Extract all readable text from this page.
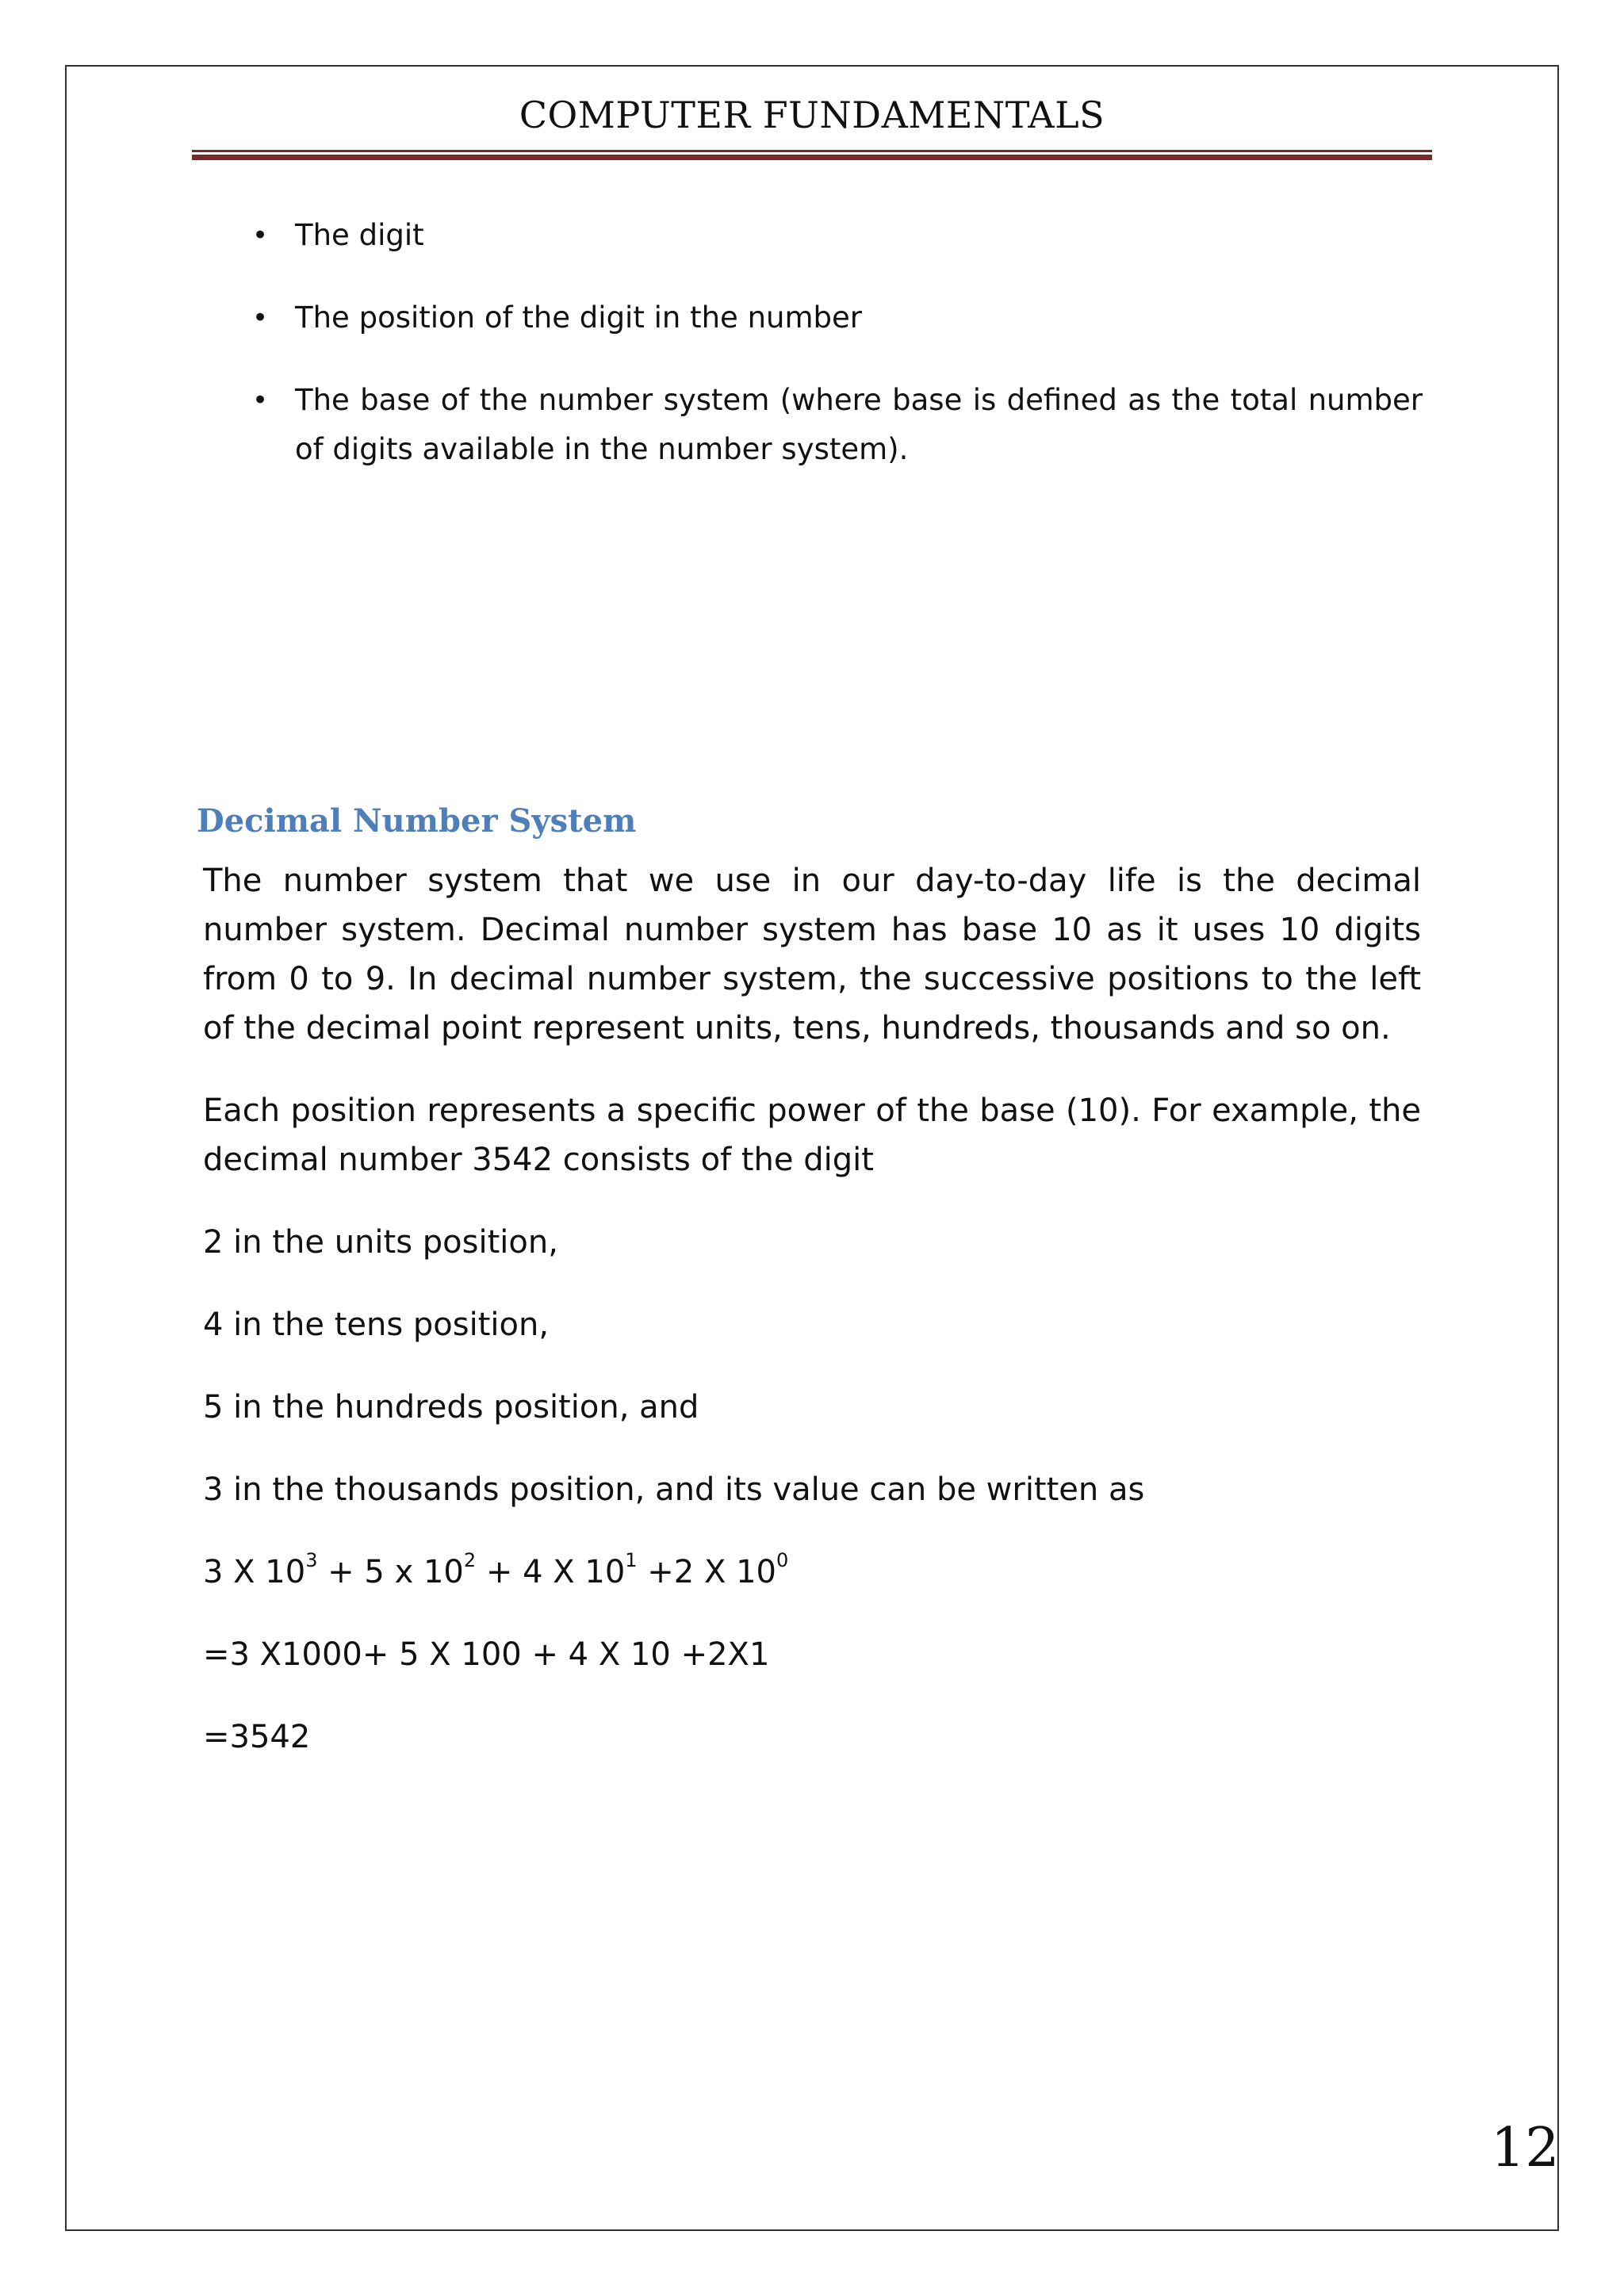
COMPUTER FUNDAMENTALS
• The digit
• The position of the digit in the number
• The base of the number system (where base is defined as the total number of digits available in the number system).
Decimal Number System

The number system that we use in our day-to-day life is the decimal number system. Decimal number system has base 10 as it uses 10 digits from 0 to 9. In decimal number system, the successive positions to the left of the decimal point represent units, tens, hundreds, thousands and so on.

Each position represents a specific power of the base (10). For example, the decimal number 3542 consists of the digit

2 in the units position,

4 in the tens position,

5 in the hundreds position, and

3 in the thousands position, and its value can be written as

3 X $10^3 + 5$ x $10^2 + 4$ X $10^1 +2$ X $10^0$

=3 X1000+ 5 X 100 + 4 X 10 +2X1

=3542

12
